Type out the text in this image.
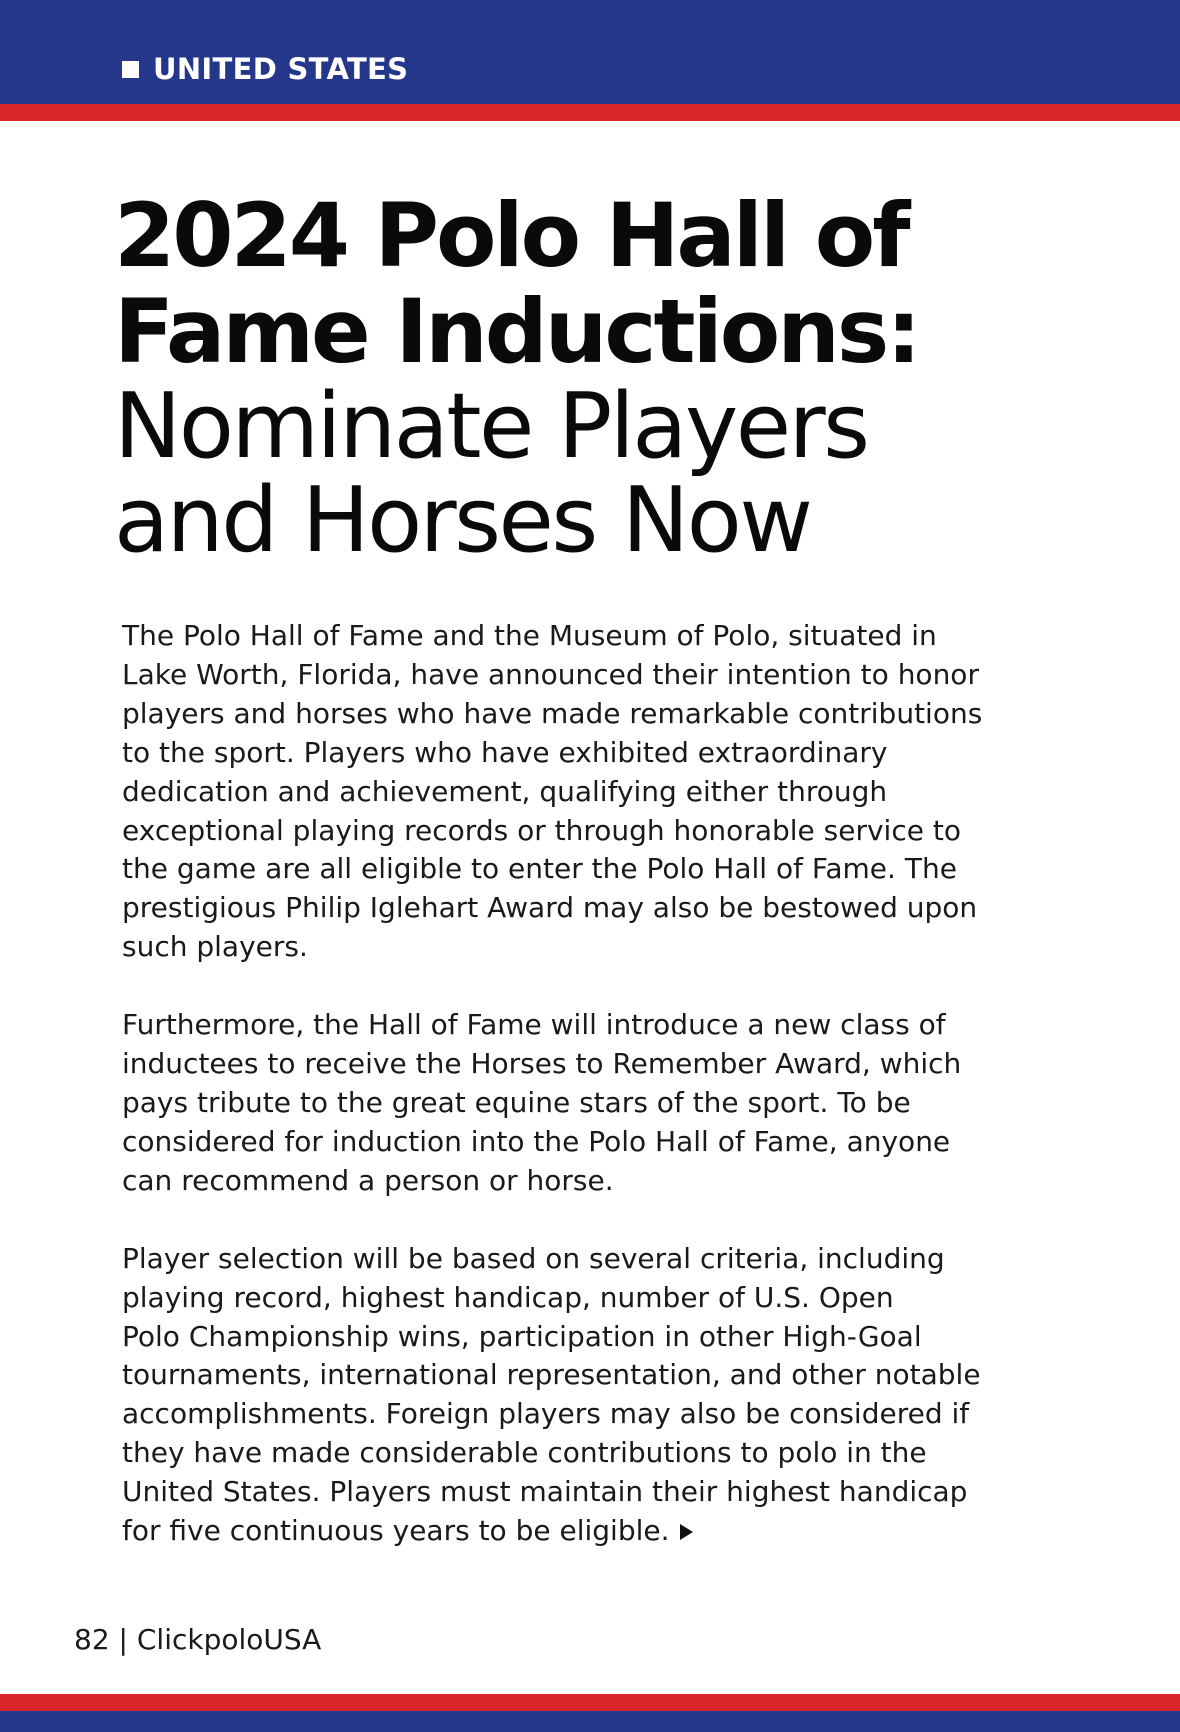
UNITED STATES
2024 Polo Hall of
Fame Inductions:
Nominate Players
and Horses Now

The Polo Hall of Fame and the Museum of Polo, situated in
Lake Worth, Florida, have announced their intention to honor
players and horses who have made remarkable contributions
to the sport. Players who have exhibited extraordinary
dedication and achievement, qualifying either through
exceptional playing records or through honorable service to
the game are all eligible to enter the Polo Hall of Fame. The
prestigious Philip Iglehart Award may also be bestowed upon
such players.

Furthermore, the Hall of Fame will introduce a new class of
inductees to receive the Horses to Remember Award, which
pays tribute to the great equine stars of the sport. To be
considered for induction into the Polo Hall of Fame, anyone
can recommend a person or horse.

Player selection will be based on several criteria, including
playing record, highest handicap, number of U.S. Open
Polo Championship wins, participation in other High-Goal
tournaments, international representation, and other notable
accomplishments. Foreign players may also be considered if
they have made considerable contributions to polo in the
United States. Players must maintain their highest handicap
for five continuous years to be eligible.

82 | ClickpoloUSA
